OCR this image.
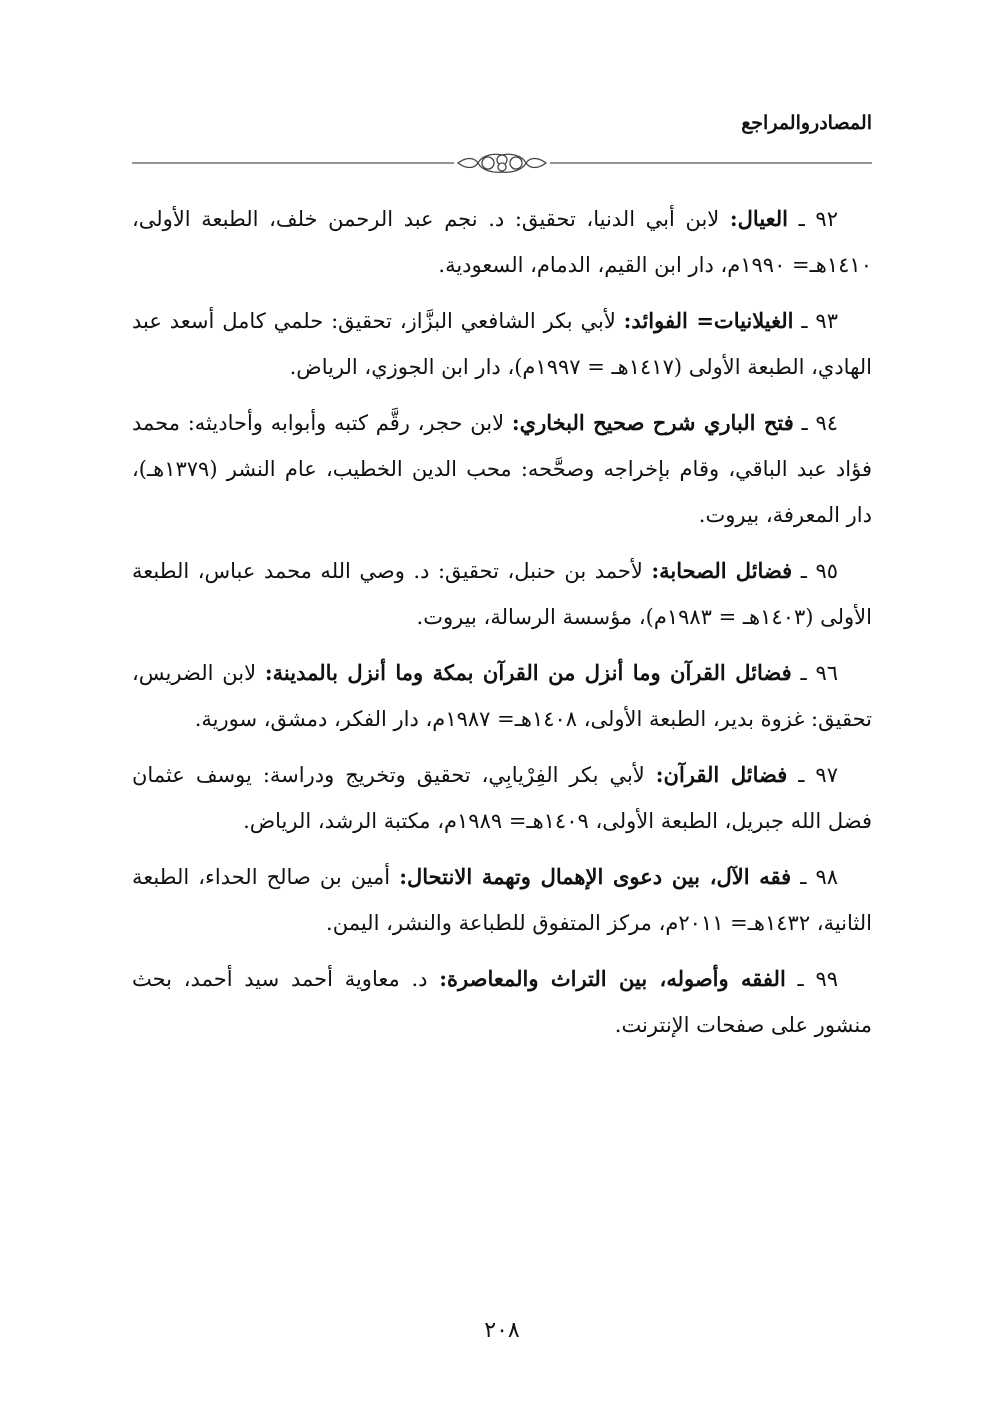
المصادروالمراجع

٩٢ ـ العيال: لابن أبي الدنيا، تحقيق: د. نجم عبد الرحمن خلف، الطبعة الأولى، ١٤١٠هـ= ١٩٩٠م، دار ابن القيم، الدمام، السعودية.

٩٣ ـ الغيلانيات= الفوائد: لأبي بكر الشافعي البزَّاز، تحقيق: حلمي كامل أسعد عبد الهادي، الطبعة الأولى (١٤١٧هـ = ١٩٩٧م)، دار ابن الجوزي، الرياض.

٩٤ ـ فتح الباري شرح صحيح البخاري: لابن حجر، رقَّم كتبه وأبوابه وأحاديثه: محمد فؤاد عبد الباقي، وقام بإخراجه وصحَّحه: محب الدين الخطيب، عام النشر (١٣٧٩هـ)، دار المعرفة، بيروت.

٩٥ ـ فضائل الصحابة: لأحمد بن حنبل، تحقيق: د. وصي الله محمد عباس، الطبعة الأولى (١٤٠٣هـ = ١٩٨٣م)، مؤسسة الرسالة، بيروت.

٩٦ ـ فضائل القرآن وما أنزل من القرآن بمكة وما أنزل بالمدينة: لابن الضريس، تحقيق: غزوة بدير، الطبعة الأولى، ١٤٠٨هـ= ١٩٨٧م، دار الفكر، دمشق، سورية.

٩٧ ـ فضائل القرآن: لأبي بكر الفِرْيابِي، تحقيق وتخريج ودراسة: يوسف عثمان فضل الله جبريل، الطبعة الأولى، ١٤٠٩هـ= ١٩٨٩م، مكتبة الرشد، الرياض.

٩٨ ـ فقه الآل، بين دعوى الإهمال وتهمة الانتحال: أمين بن صالح الحداء، الطبعة الثانية، ١٤٣٢هـ= ٢٠١١م، مركز المتفوق للطباعة والنشر، اليمن.

٩٩ ـ الفقه وأصوله، بين التراث والمعاصرة: د. معاوية أحمد سيد أحمد، بحث منشور على صفحات الإنترنت.

٢٠٨
